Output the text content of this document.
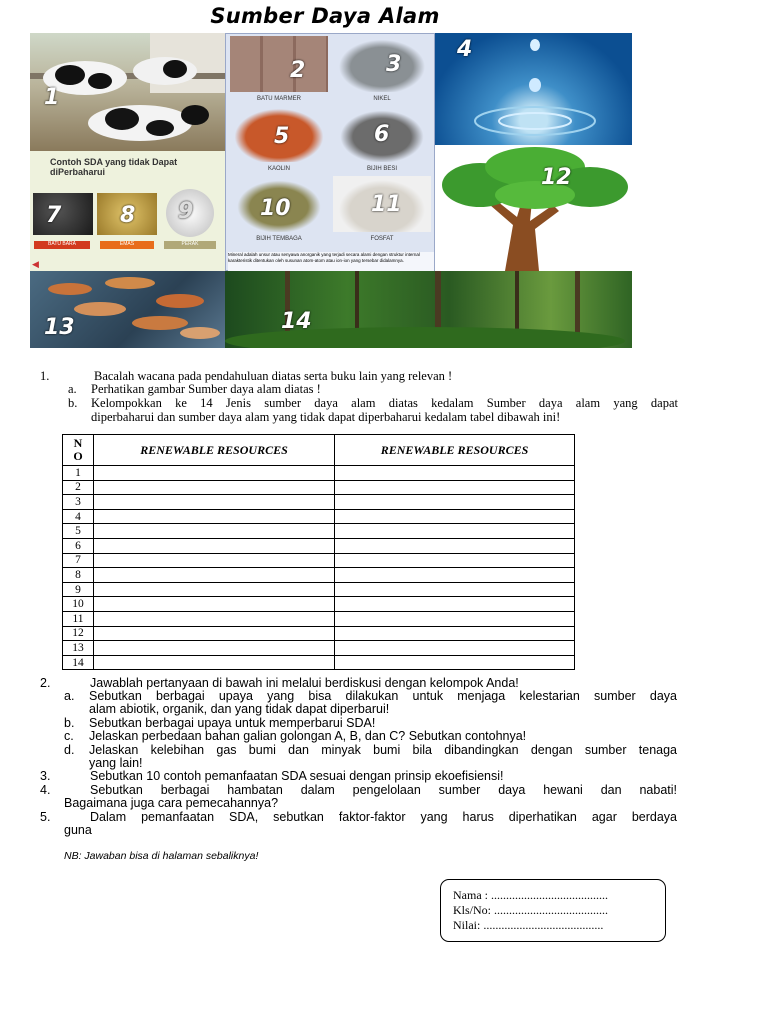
Sumber Daya Alam
1
Contoh SDA yang tidak Dapat diPerbaharui
7	8 9
BATU BARA	EMAS	PERAK
◀
BATU MARMER	NIKEL
KAOLIN	BIJIH BESI
BIJIH TEMBAGA	FOSFAT
2	3
5	6
10	11
Mineral adalah unsur atau senyawa anorganik yang terjadi secara alami dengan struktur internal karakteristik ditentukan oleh susunan atom-atom atau ion-ion yang tersebar didalamnya.
4
12
13	14
1.	Bacalah wacana pada pendahuluan diatas serta buku lain yang relevan !
a. Perhatikan gambar Sumber daya alam diatas !
b. Kelompokkan ke 14 Jenis sumber daya alam diatas kedalam Sumber daya alam yang dapat
diperbaharui dan sumber daya alam yang tidak dapat diperbaharui kedalam tabel dibawah ini!
N
O	RENEWABLE RESOURCES	RENEWABLE RESOURCES
1		
2		
3		
4		
5		
6		
7		
8		
9		
10		
11		
12		
13		
14		
2.	Jawablah pertanyaan di bawah ini melalui berdiskusi dengan kelompok Anda!
a. Sebutkan berbagai upaya yang bisa dilakukan untuk menjaga kelestarian sumber daya
alam abiotik, organik, dan yang tidak dapat diperbarui!
b. Sebutkan berbagai upaya untuk memperbarui SDA!
c. Jelaskan perbedaan bahan galian golongan A, B, dan C? Sebutkan contohnya!
d. Jelaskan kelebihan gas bumi dan minyak bumi bila dibandingkan dengan sumber tenaga
yang lain!
3.	Sebutkan 10 contoh pemanfaatan SDA sesuai dengan prinsip ekoefisiensi!
4.	Sebutkan berbagai hambatan dalam pengelolaan sumber daya hewani dan nabati!
Bagaimana juga cara pemecahannya?
5.	Dalam pemanfaatan SDA, sebutkan faktor-faktor yang harus diperhatikan agar berdaya
guna
NB: Jawaban bisa di halaman sebaliknya!
Nama : .......................................
Kls/No: ......................................
Nilai: ........................................
